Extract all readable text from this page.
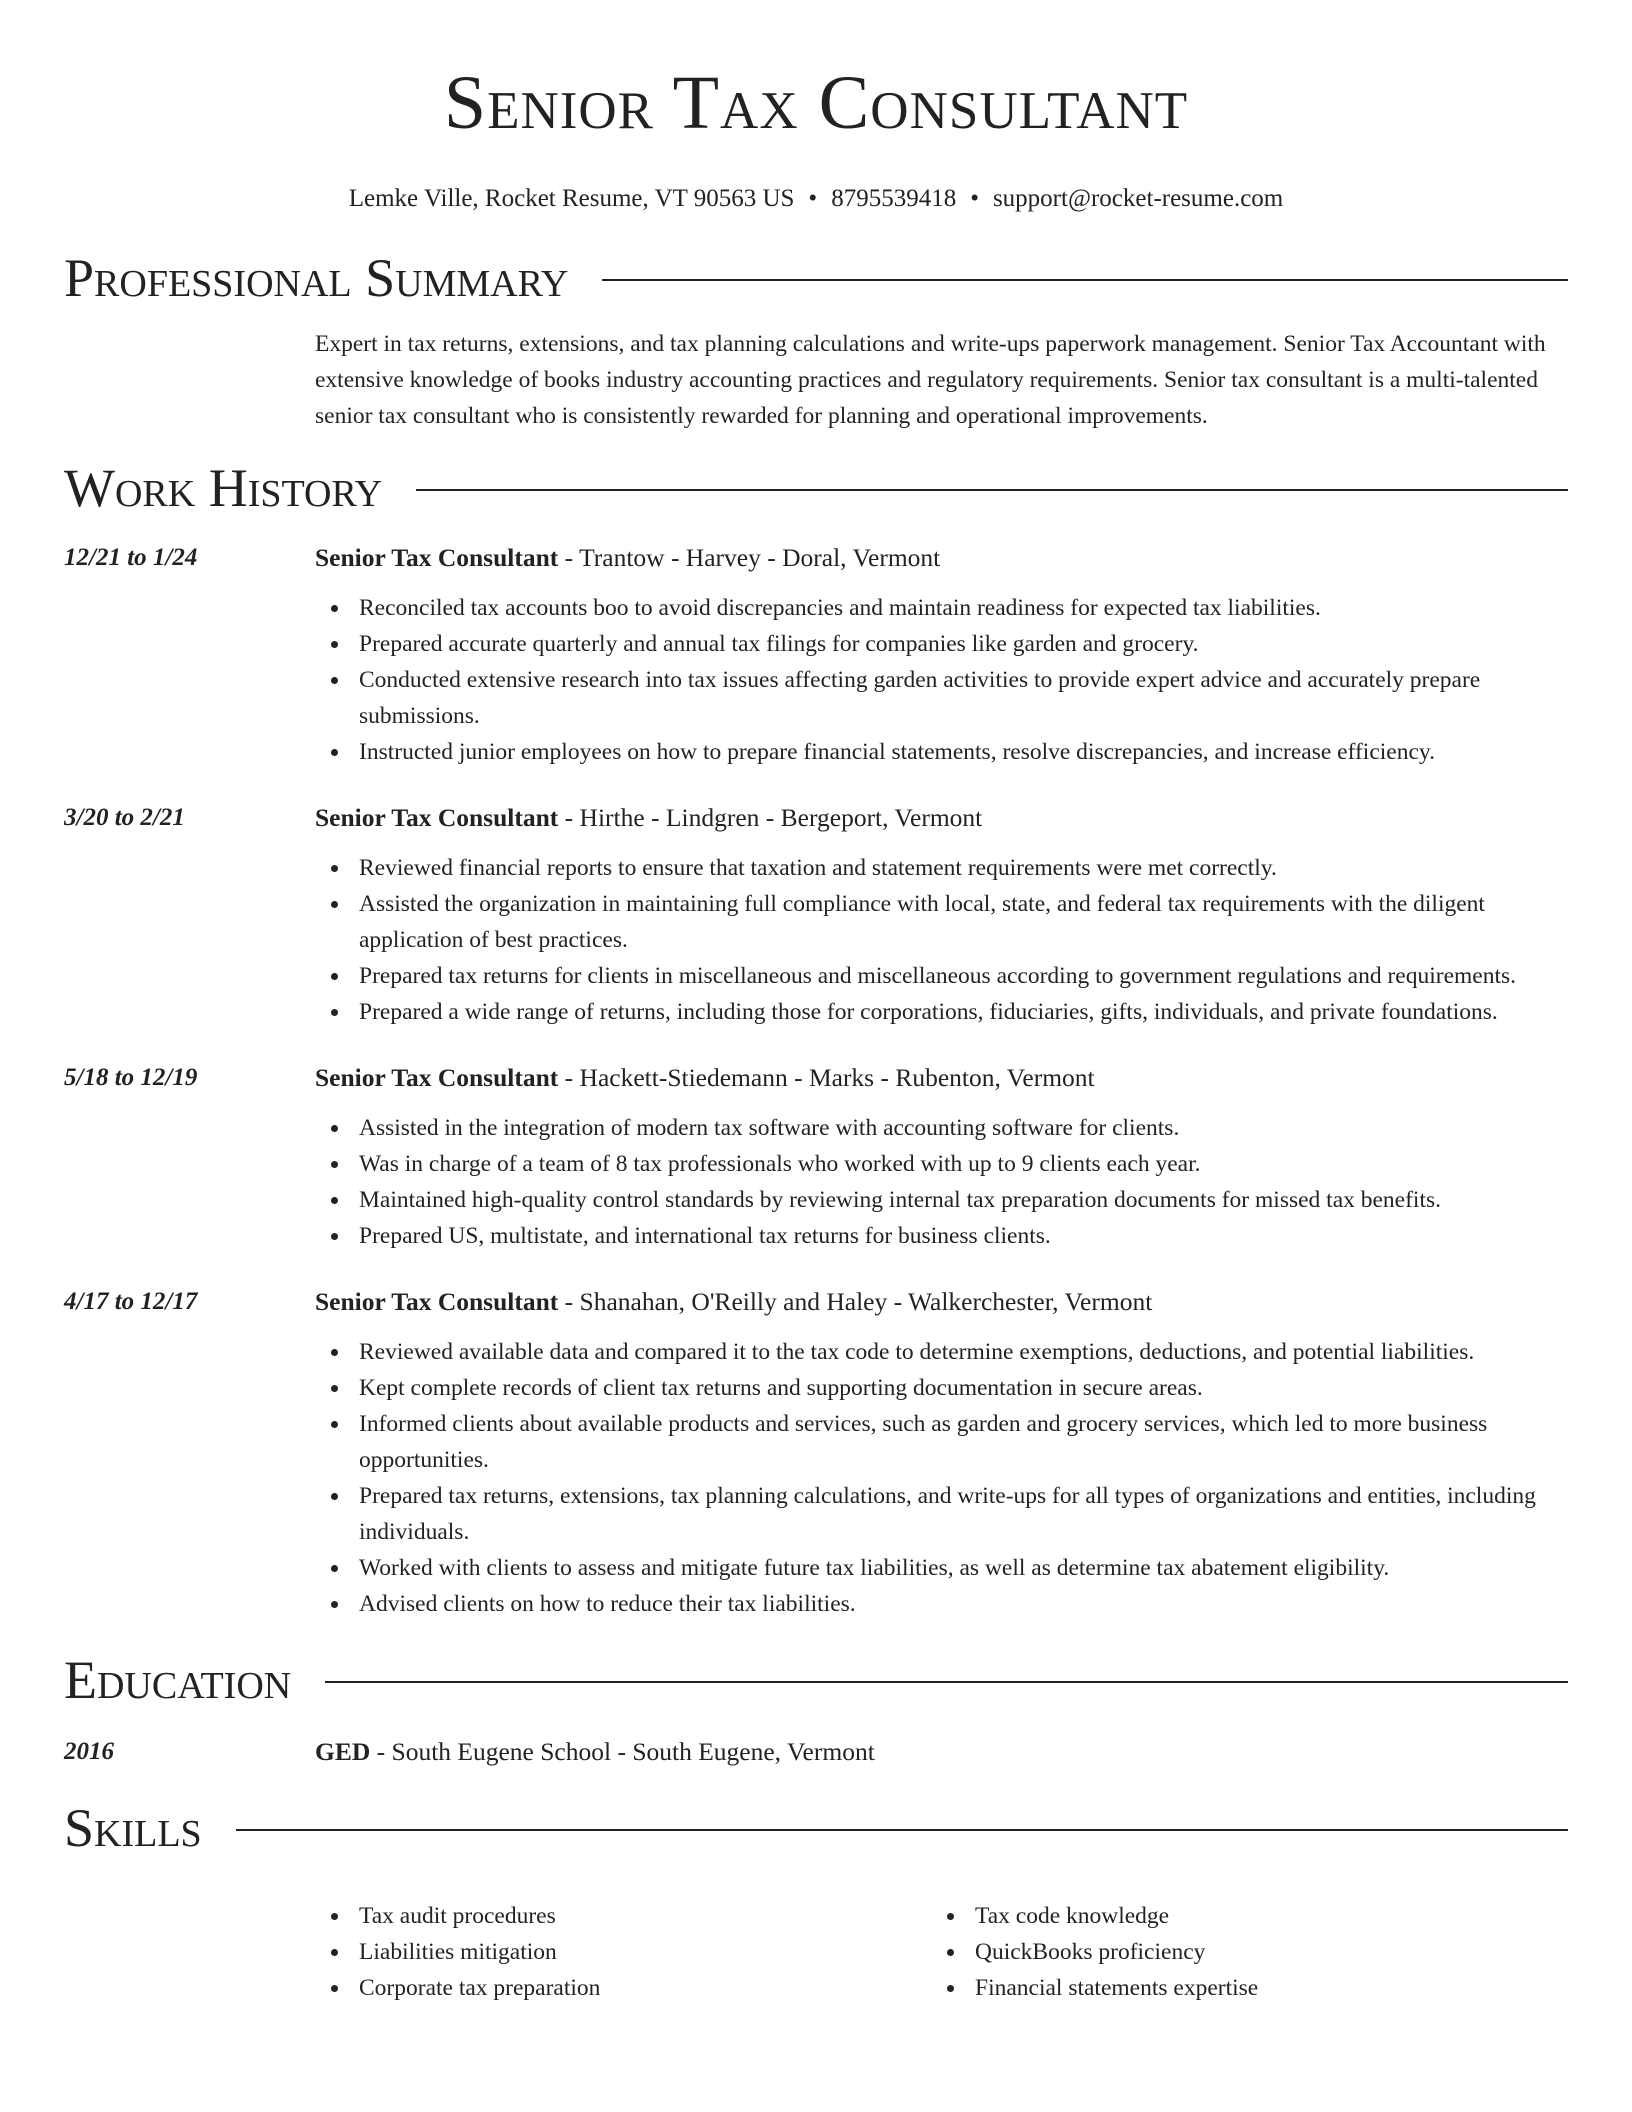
Senior Tax Consultant
Lemke Ville, Rocket Resume, VT 90563 US • 8795539418 • support@rocket-resume.com
Professional Summary

Expert in tax returns, extensions, and tax planning calculations and write-ups paperwork management. Senior Tax Accountant with extensive knowledge of books industry accounting practices and regulatory requirements. Senior tax consultant is a multi-talented senior tax consultant who is consistently rewarded for planning and operational improvements.

Work History
12/21 to 1/24	Senior Tax Consultant - Trantow - Harvey - Doral, Vermont
Reconciled tax accounts boo to avoid discrepancies and maintain readiness for expected tax liabilities.
Prepared accurate quarterly and annual tax filings for companies like garden and grocery.
Conducted extensive research into tax issues affecting garden activities to provide expert advice and accurately prepare submissions.
Instructed junior employees on how to prepare financial statements, resolve discrepancies, and increase efficiency.
3/20 to 2/21	Senior Tax Consultant - Hirthe - Lindgren - Bergeport, Vermont
Reviewed financial reports to ensure that taxation and statement requirements were met correctly.
Assisted the organization in maintaining full compliance with local, state, and federal tax requirements with the diligent application of best practices.
Prepared tax returns for clients in miscellaneous and miscellaneous according to government regulations and requirements.
Prepared a wide range of returns, including those for corporations, fiduciaries, gifts, individuals, and private foundations.
5/18 to 12/19	Senior Tax Consultant - Hackett-Stiedemann - Marks - Rubenton, Vermont
Assisted in the integration of modern tax software with accounting software for clients.
Was in charge of a team of 8 tax professionals who worked with up to 9 clients each year.
Maintained high-quality control standards by reviewing internal tax preparation documents for missed tax benefits.
Prepared US, multistate, and international tax returns for business clients.
4/17 to 12/17	Senior Tax Consultant - Shanahan, O'Reilly and Haley - Walkerchester, Vermont
Reviewed available data and compared it to the tax code to determine exemptions, deductions, and potential liabilities.
Kept complete records of client tax returns and supporting documentation in secure areas.
Informed clients about available products and services, such as garden and grocery services, which led to more business opportunities.
Prepared tax returns, extensions, tax planning calculations, and write-ups for all types of organizations and entities, including individuals.
Worked with clients to assess and mitigate future tax liabilities, as well as determine tax abatement eligibility.
Advised clients on how to reduce their tax liabilities.
Education
2016	GED - South Eugene School - South Eugene, Vermont
Skills
Tax audit procedures
Liabilities mitigation
Corporate tax preparation
Tax code knowledge
QuickBooks proficiency
Financial statements expertise
